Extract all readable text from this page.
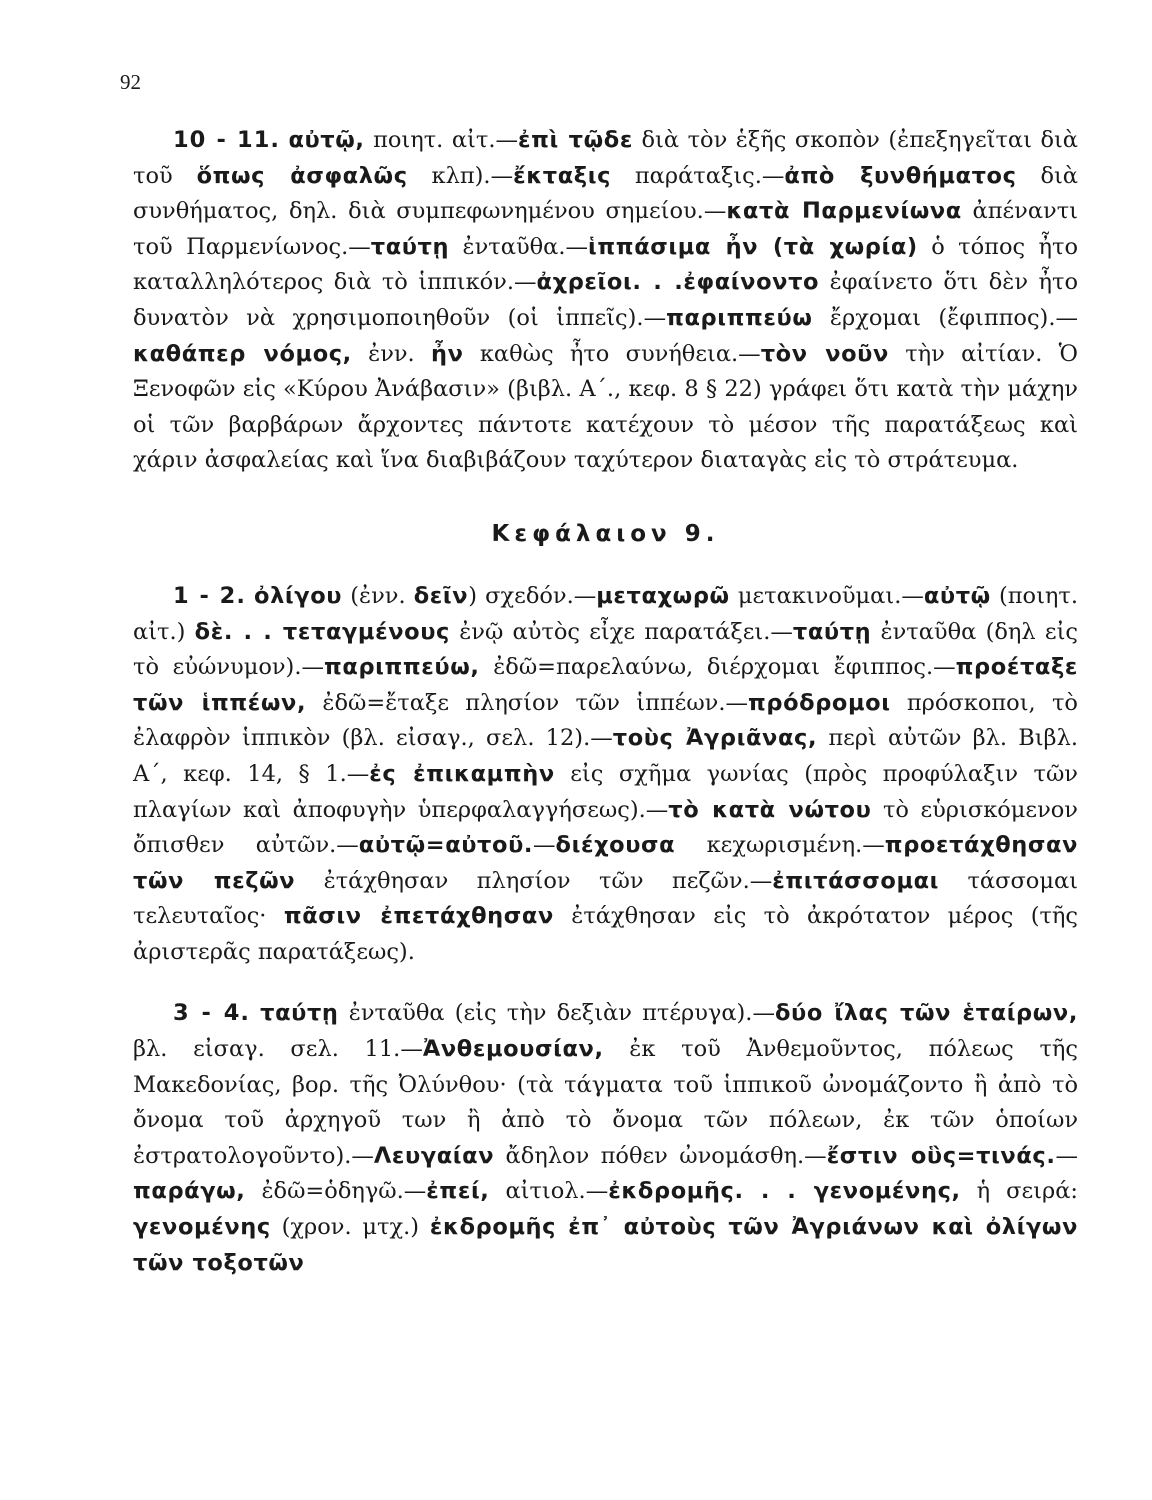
92

10 - 11. αὐτῷ, ποιητ. αἰτ.—ἐπὶ τῷδε διὰ τὸν ἑξῆς σκοπὸν (ἐπεξηγεῖται διὰ τοῦ ὅπως ἀσφαλῶς κλπ).—ἔκταξις παράταξις.—ἀπὸ ξυνθήματος διὰ συνθήματος, δηλ. διὰ συμπεφωνημένου σημείου.—κατὰ Παρμενίωνα ἀπέναντι τοῦ Παρμενίωνος.—ταύτῃ ἐνταῦθα.—ἱππάσιμα ἦν (τὰ χωρία) ὁ τόπος ἦτο καταλληλότερος διὰ τὸ ἱππικόν.—ἀχρεῖοι. . .ἐφαίνοντο ἐφαίνετο ὅτι δὲν ἦτο δυνατὸν νὰ χρησιμοποιηθοῦν (οἱ ἱππεῖς).—παριππεύω ἔρχομαι (ἔφιππος).—καθάπερ νόμος, ἐνν. ἦν καθὼς ἦτο συνήθεια.—τὸν νοῦν τὴν αἰτίαν. Ὁ Ξενοφῶν εἰς «Κύρου Ἀνάβασιν» (βιβλ. Α΄., κεφ. 8 § 22) γράφει ὅτι κατὰ τὴν μάχην οἱ τῶν βαρβάρων ἄρχοντες πάντοτε κατέχουν τὸ μέσον τῆς παρατάξεως καὶ χάριν ἀσφαλείας καὶ ἵνα διαβιβάζουν ταχύτερον διαταγὰς εἰς τὸ στράτευμα.

Κεφάλαιον 9.

1 - 2. ὀλίγου (ἐνν. δεῖν) σχεδόν.—μεταχωρῶ μετακινοῦμαι.—αὐτῷ (ποιητ. αἰτ.) δὲ. . . τεταγμένους ἐνῷ αὐτὸς εἶχε παρατάξει.—ταύτῃ ἐνταῦθα (δηλ εἰς τὸ εὐώνυμον).—παριππεύω, ἐδῶ=παρελαύνω, διέρχομαι ἔφιππος.—προέταξε τῶν ἱππέων, ἐδῶ=ἔταξε πλησίον τῶν ἱππέων.—πρόδρομοι πρόσκοποι, τὸ ἐλαφρὸν ἱππικὸν (βλ. εἰσαγ., σελ. 12).—τοὺς Ἀγριᾶνας, περὶ αὐτῶν βλ. Βιβλ. Α΄, κεφ. 14, § 1.—ἐς ἐπικαμπὴν εἰς σχῆμα γωνίας (πρὸς προφύλαξιν τῶν πλαγίων καὶ ἀποφυγὴν ὑπερφαλαγγήσεως).—τὸ κατὰ νώτου τὸ εὑρισκόμενον ὄπισθεν αὐτῶν.—αὐτῷ=αὐτοῦ.—διέχουσα κεχωρισμένη.—προετάχθησαν τῶν πεζῶν ἐτάχθησαν πλησίον τῶν πεζῶν.—ἐπιτάσσομαι τάσσομαι τελευταῖος· πᾶσιν ἐπετάχθησαν ἐτάχθησαν εἰς τὸ ἀκρότατον μέρος (τῆς ἀριστερᾶς παρατάξεως).

3 - 4. ταύτῃ ἐνταῦθα (εἰς τὴν δεξιὰν πτέρυγα).—δύο ἴλας τῶν ἑταίρων, βλ. εἰσαγ. σελ. 11.—Ἀνθεμουσίαν, ἐκ τοῦ Ἀνθεμοῦντος, πόλεως τῆς Μακεδονίας, βορ. τῆς Ὀλύνθου· (τὰ τάγματα τοῦ ἱππικοῦ ὠνομάζοντο ἢ ἀπὸ τὸ ὄνομα τοῦ ἀρχηγοῦ των ἢ ἀπὸ τὸ ὄνομα τῶν πόλεων, ἐκ τῶν ὁποίων ἐστρατολογοῦντο).—Λευγαίαν ἄδηλον πόθεν ὠνομάσθη.—ἔστιν οὓς=τινάς.—παράγω, ἐδῶ=ὁδηγῶ.—ἐπεί, αἰτιολ.—ἐκδρομῆς. . . γενομένης, ἡ σειρά: γενομένης (χρον. μτχ.) ἐκδρομῆς ἐπ᾽ αὐτοὺς τῶν Ἀγριάνων καὶ ὀλίγων τῶν τοξοτῶν
